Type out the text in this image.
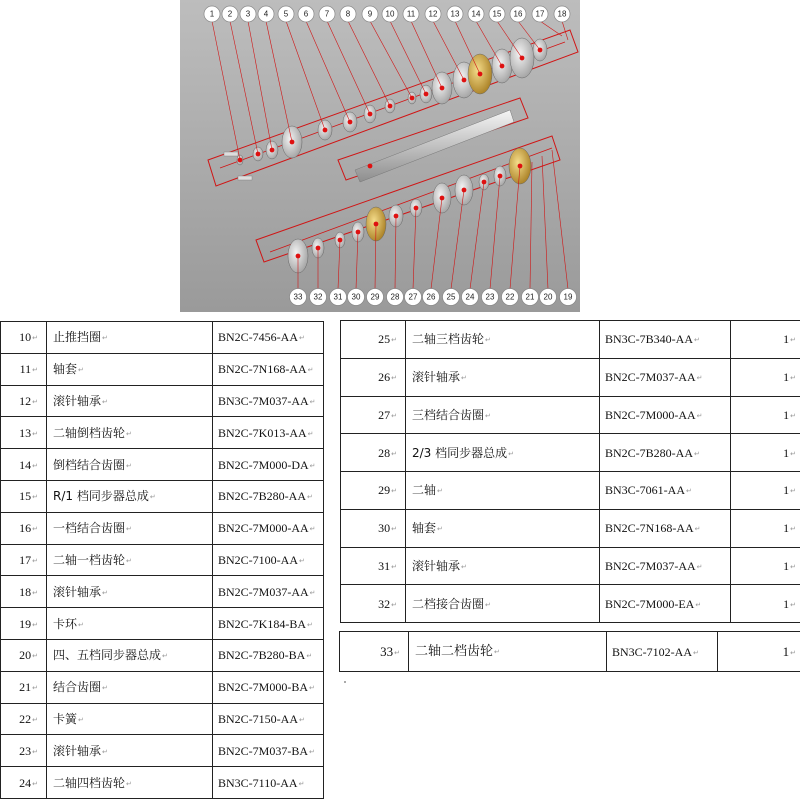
1 2 3 4 5 6 7 8 9 10 11 12 13 14 15 16 17 18
33 32 31 30 29 28 27 26 25 24 23 22 21 20 19
10↵	止推挡圈↵	BN2C-7456-AA↵
11↵	轴套↵	BN2C-7N168-AA↵
12↵	滚针轴承↵	BN3C-7M037-AA↵
13↵	二轴倒档齿轮↵	BN2C-7K013-AA↵
14↵	倒档结合齿圈↵	BN2C-7M000-DA↵
15↵	R/1 档同步器总成↵	BN2C-7B280-AA↵
16↵	一档结合齿圈↵	BN2C-7M000-AA↵
17↵	二轴一档齿轮↵	BN2C-7100-AA↵
18↵	滚针轴承↵	BN2C-7M037-AA↵
19↵	卡环↵	BN2C-7K184-BA↵
20↵	四、五档同步器总成↵	BN2C-7B280-BA↵
21↵	结合齿圈↵	BN2C-7M000-BA↵
22↵	卡簧↵	BN2C-7150-AA↵
23↵	滚针轴承↵	BN2C-7M037-BA↵
24↵	二轴四档齿轮↵	BN3C-7110-AA↵
25↵	二轴三档齿轮↵	BN3C-7B340-AA↵	1↵
26↵	滚针轴承↵	BN2C-7M037-AA↵	1↵
27↵	三档结合齿圈↵	BN2C-7M000-AA↵	1↵
28↵	2/3 档同步器总成↵	BN2C-7B280-AA↵	1↵
29↵	二轴↵	BN3C-7061-AA↵	1↵
30↵	轴套↵	BN2C-7N168-AA↵	1↵
31↵	滚针轴承↵	BN2C-7M037-AA↵	1↵
32↵	二档接合齿圈↵	BN2C-7M000-EA↵	1↵
33↵	二轴二档齿轮↵	BN3C-7102-AA↵	1↵
